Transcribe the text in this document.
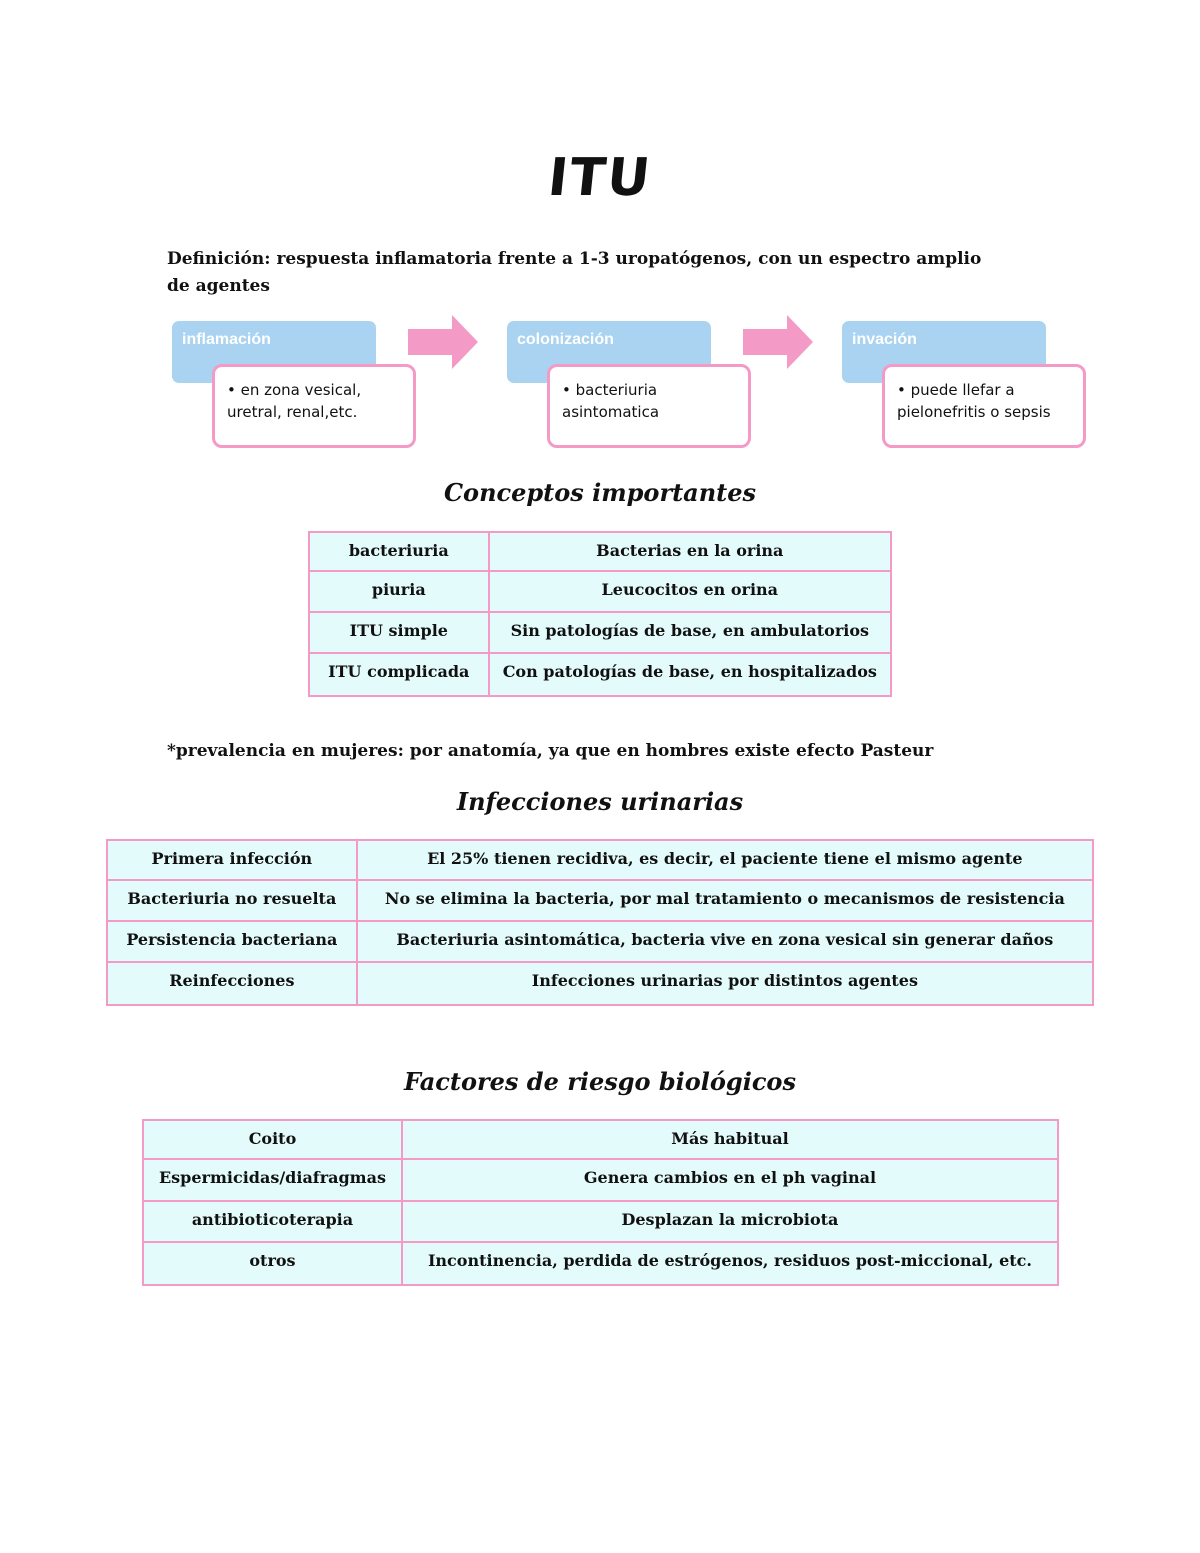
ITU
Definición: respuesta inflamatoria frente a 1-3 uropatógenos, con un espectro amplio de agentes
inflamación
• en zona vesical, uretral, renal,etc.
colonización
• bacteriuria asintomatica
invación
• puede llefar a pielonefritis o sepsis
Conceptos importantes
bacteriuria	Bacterias en la orina
piuria	Leucocitos en orina
ITU simple	Sin patologías de base, en ambulatorios
ITU complicada	Con patologías de base, en hospitalizados
*prevalencia en mujeres: por anatomía, ya que en hombres existe efecto Pasteur
Infecciones urinarias
Primera infección	El 25% tienen recidiva, es decir, el paciente tiene el mismo agente
Bacteriuria no resuelta	No se elimina la bacteria, por mal tratamiento o mecanismos de resistencia
Persistencia bacteriana	Bacteriuria asintomática, bacteria vive en zona vesical sin generar daños
Reinfecciones	Infecciones urinarias por distintos agentes
Factores de riesgo biológicos
Coito	Más habitual
Espermicidas/diafragmas	Genera cambios en el ph vaginal
antibioticoterapia	Desplazan la microbiota
otros	Incontinencia, perdida de estrógenos, residuos post-miccional, etc.
